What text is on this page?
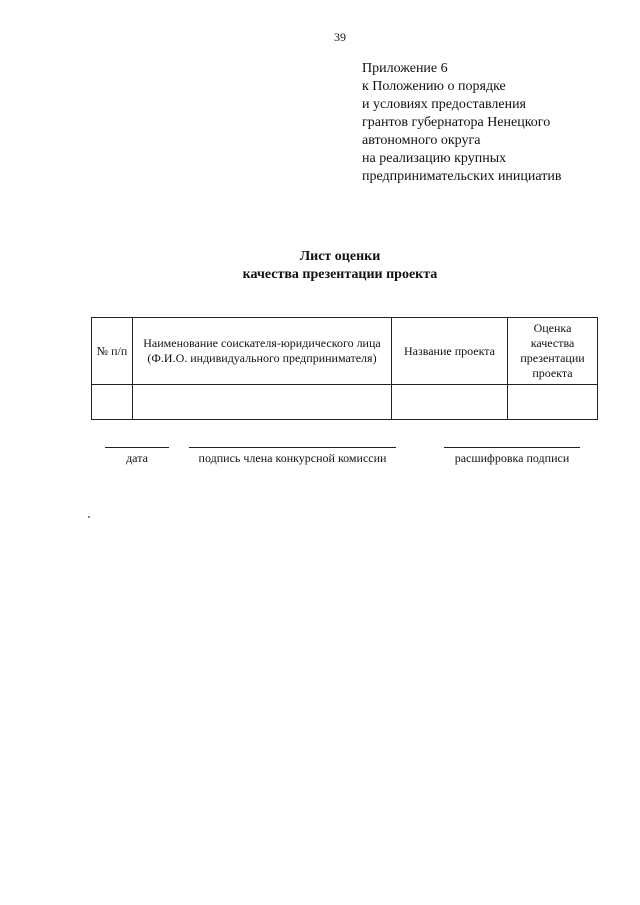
39
Приложение 6
к Положению о порядке
и условиях предоставления
грантов губернатора Ненецкого
автономного округа
на реализацию крупных
предпринимательских инициатив
Лист оценки
качества презентации проекта
№ п/п	Наименование соискателя-юридического лица (Ф.И.О. индивидуального предпринимателя)	Название проекта	Оценка качества презентации проекта

дата	подпись члена конкурсной комиссии	расшифровка подписи
